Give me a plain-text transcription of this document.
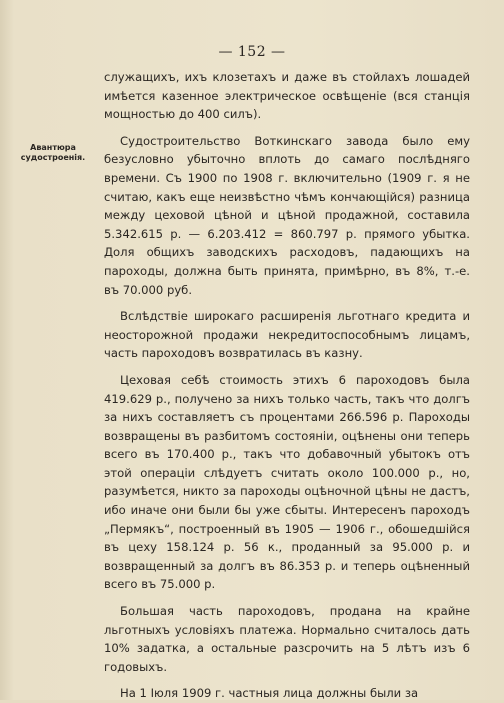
— 152 —
Авантюра судостроенія.

служащихъ, ихъ клозетахъ и даже въ стойлахъ лошадей имѣется казенное электрическое освѣщеніе (вся станція мощностью до 400 силъ).

Судостроительство Воткинскаго завода было ему безусловно убыточно вплоть до самаго послѣдняго времени. Съ 1900 по 1908 г. включительно (1909 г. я не считаю, какъ еще неизвѣстно чѣмъ кончающійся) разница между цеховой цѣной и цѣной продажной, составила 5.342.615 р. — 6.203.412 = 860.797 р. прямого убытка. Доля общихъ заводскихъ расходовъ, падающихъ на пароходы, должна быть принята, примѣрно, въ 8%, т.-е. въ 70.000 руб.

Вслѣдствіе широкаго расширенія льготнаго кредита и неосторожной продажи некредитоспособнымъ лицамъ, часть пароходовъ возвратилась въ казну.

Цеховая себѣ стоимость этихъ 6 пароходовъ была 419.629 р., получено за нихъ только часть, такъ что долгъ за нихъ составляетъ съ процентами 266.596 р. Пароходы возвращены въ разбитомъ состояніи, оцѣнены они теперь всего въ 170.400 р., такъ что добавочный убытокъ отъ этой операціи слѣдуетъ считать около 100.000 р., но, разумѣется, никто за пароходы оцѣночной цѣны не дастъ, ибо иначе они были бы уже сбыты. Интересенъ пароходъ „Пермякъ“, построенный въ 1905 — 1906 г., обошедшійся въ цеху 158.124 р. 56 к., проданный за 95.000 р. и возвращенный за долгъ въ 86.353 р. и теперь оцѣненный всего въ 75.000 р.

Большая часть пароходовъ, продана на крайне льготныхъ условіяхъ платежа. Нормально считалось дать 10% задатка, а остальные разсрочить на 5 лѣтъ изъ 6 годовыхъ.

На 1 Іюля 1909 г. частныя лица должны были за
